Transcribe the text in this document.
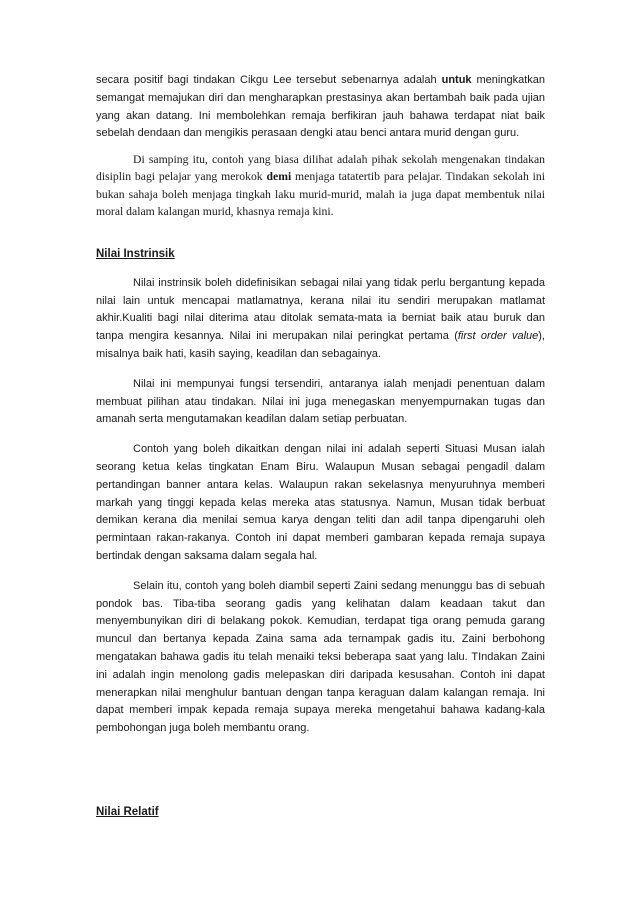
secara positif bagi tindakan Cikgu Lee tersebut sebenarnya adalah untuk meningkatkan semangat memajukan diri dan mengharapkan prestasinya akan bertambah baik pada ujian yang akan datang. Ini membolehkan remaja berfikiran jauh bahawa terdapat niat baik sebelah dendaan dan mengikis perasaan dengki atau benci antara murid dengan guru.

Di samping itu, contoh yang biasa dilihat adalah pihak sekolah mengenakan tindakan disiplin bagi pelajar yang merokok demi menjaga tatatertib para pelajar. Tindakan sekolah ini bukan sahaja boleh menjaga tingkah laku murid-murid, malah ia juga dapat membentuk nilai moral dalam kalangan murid, khasnya remaja kini.

Nilai Instrinsik

Nilai instrinsik boleh didefinisikan sebagai nilai yang tidak perlu bergantung kepada nilai lain untuk mencapai matlamatnya, kerana nilai itu sendiri merupakan matlamat akhir.Kualiti bagi nilai diterima atau ditolak semata-mata ia berniat baik atau buruk dan tanpa mengira kesannya. Nilai ini merupakan nilai peringkat pertama (first order value), misalnya baik hati, kasih saying, keadilan dan sebagainya.

Nilai ini mempunyai fungsi tersendiri, antaranya ialah menjadi penentuan dalam membuat pilihan atau tindakan. Nilai ini juga menegaskan menyempurnakan tugas dan amanah serta mengutamakan keadilan dalam setiap perbuatan.

Contoh yang boleh dikaitkan dengan nilai ini adalah seperti Situasi Musan ialah seorang ketua kelas tingkatan Enam Biru. Walaupun Musan sebagai pengadil dalam pertandingan banner antara kelas. Walaupun rakan sekelasnya menyuruhnya memberi markah yang tinggi kepada kelas mereka atas statusnya. Namun, Musan tidak berbuat demikan kerana dia menilai semua karya dengan teliti dan adil tanpa dipengaruhi oleh permintaan rakan-rakanya. Contoh ini dapat memberi gambaran kepada remaja supaya bertindak dengan saksama dalam segala hal.

Selain itu, contoh yang boleh diambil seperti Zaini sedang menunggu bas di sebuah pondok bas. Tiba-tiba seorang gadis yang kelihatan dalam keadaan takut dan menyembunyikan diri di belakang pokok. Kemudian, terdapat tiga orang pemuda garang muncul dan bertanya kepada Zaina sama ada ternampak gadis itu. Zaini berbohong mengatakan bahawa gadis itu telah menaiki teksi beberapa saat yang lalu. TIndakan Zaini ini adalah ingin menolong gadis melepaskan diri daripada kesusahan. Contoh ini dapat menerapkan nilai menghulur bantuan dengan tanpa keraguan dalam kalangan remaja. Ini dapat memberi impak kepada remaja supaya mereka mengetahui bahawa kadang-kala pembohongan juga boleh membantu orang.

Nilai Relatif
